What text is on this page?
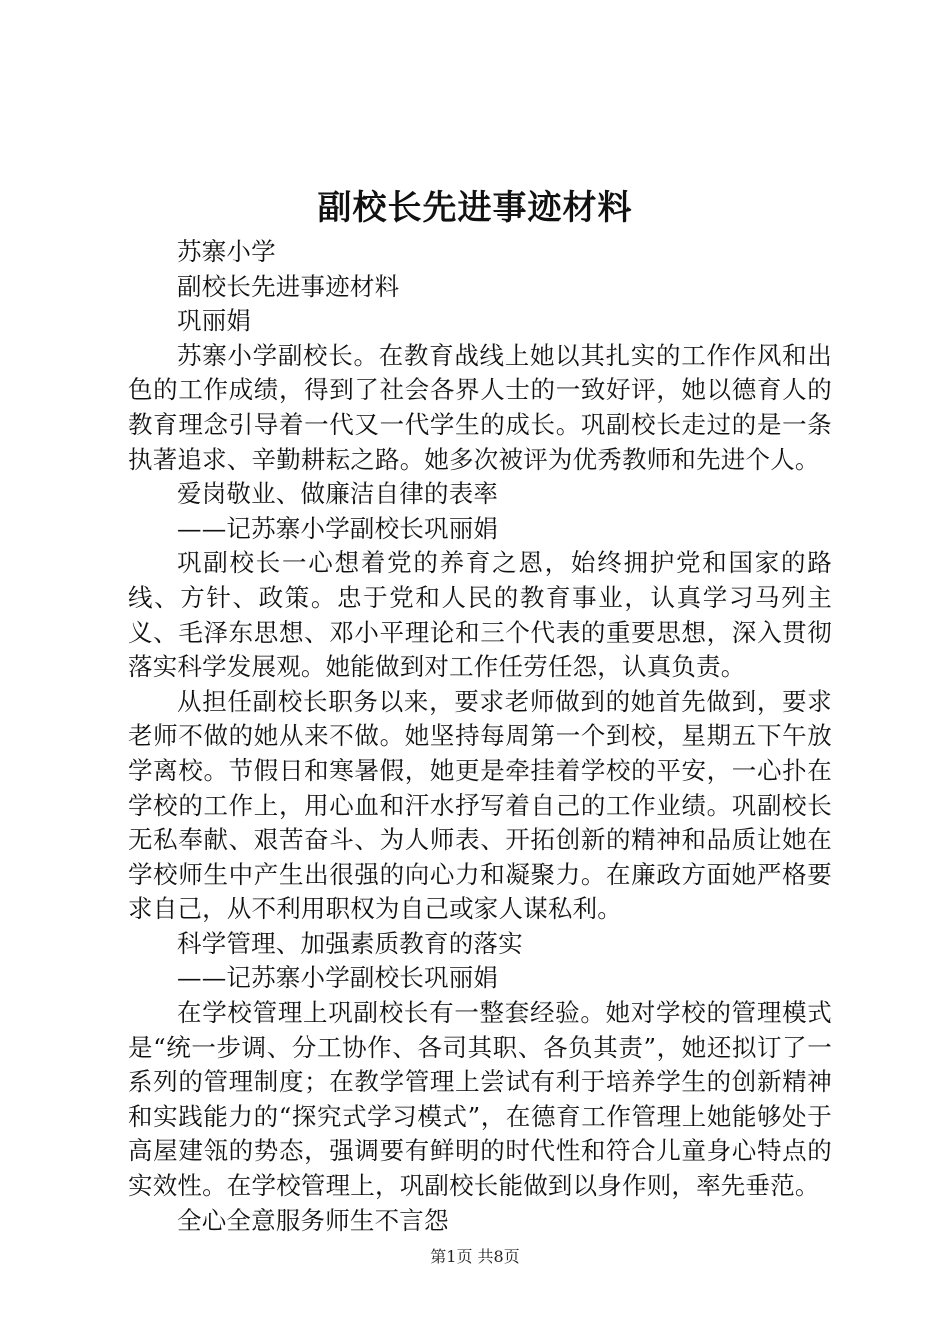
副校长先进事迹材料

苏寨小学

副校长先进事迹材料

巩丽娟

苏寨小学副校长。在教育战线上她以其扎实的工作作风和出色的工作成绩，得到了社会各界人士的一致好评，她以德育人的教育理念引导着一代又一代学生的成长。巩副校长走过的是一条执著追求、辛勤耕耘之路。她多次被评为优秀教师和先进个人。

爱岗敬业、做廉洁自律的表率

——记苏寨小学副校长巩丽娟

巩副校长一心想着党的养育之恩，始终拥护党和国家的路线、方针、政策。忠于党和人民的教育事业，认真学习马列主义、毛泽东思想、邓小平理论和三个代表的重要思想，深入贯彻落实科学发展观。她能做到对工作任劳任怨，认真负责。

从担任副校长职务以来，要求老师做到的她首先做到，要求老师不做的她从来不做。她坚持每周第一个到校，星期五下午放学离校。节假日和寒暑假，她更是牵挂着学校的平安，一心扑在学校的工作上，用心血和汗水抒写着自己的工作业绩。巩副校长无私奉献、艰苦奋斗、为人师表、开拓创新的精神和品质让她在学校师生中产生出很强的向心力和凝聚力。在廉政方面她严格要求自己，从不利用职权为自己或家人谋私利。

科学管理、加强素质教育的落实

——记苏寨小学副校长巩丽娟

在学校管理上巩副校长有一整套经验。她对学校的管理模式是“统一步调、分工协作、各司其职、各负其责”，她还拟订了一系列的管理制度；在教学管理上尝试有利于培养学生的创新精神和实践能力的“探究式学习模式”，在德育工作管理上她能够处于高屋建瓴的势态，强调要有鲜明的时代性和符合儿童身心特点的实效性。在学校管理上，巩副校长能做到以身作则，率先垂范。

全心全意服务师生不言怨

第1页 共8页
